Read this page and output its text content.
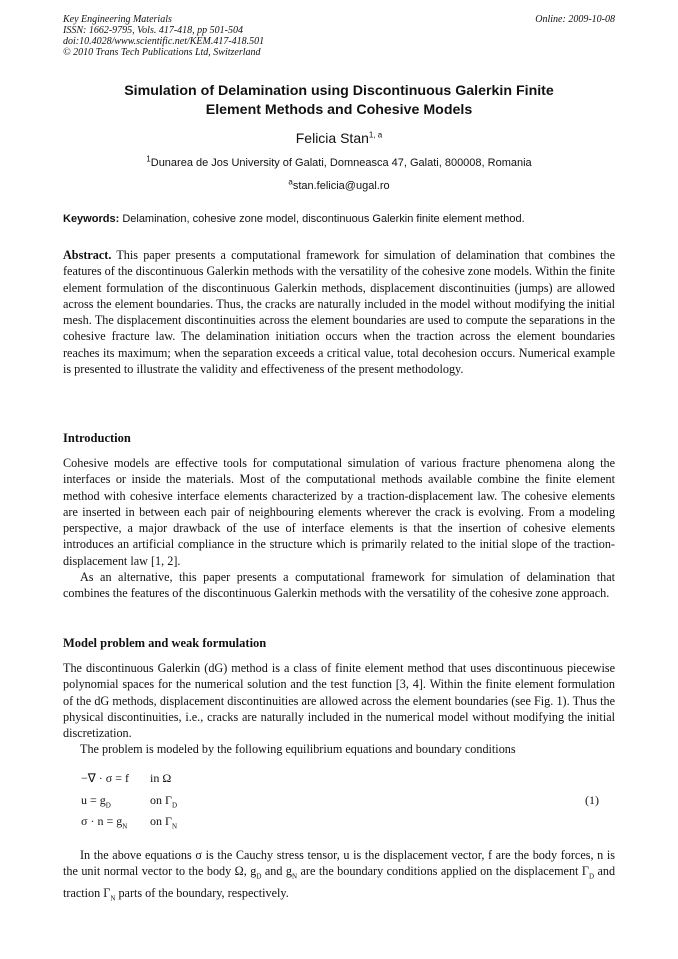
Key Engineering Materials
ISSN: 1662-9795, Vols. 417-418, pp 501-504
doi:10.4028/www.scientific.net/KEM.417-418.501
© 2010 Trans Tech Publications Ltd, Switzerland
Online: 2009-10-08
Simulation of Delamination using Discontinuous Galerkin Finite
Element Methods and Cohesive Models
Felicia Stan$^{1, a}$
$^1$Dunarea de Jos University of Galati, Domneasca 47, Galati, 800008, Romania
$^a$stan.felicia@ugal.ro
Keywords: Delamination, cohesive zone model, discontinuous Galerkin finite element method.
Abstract. This paper presents a computational framework for simulation of delamination that combines the features of the discontinuous Galerkin methods with the versatility of the cohesive zone models. Within the finite element formulation of the discontinuous Galerkin methods, displacement discontinuities (jumps) are allowed across the element boundaries. Thus, the cracks are naturally included in the model without modifying the initial mesh. The displacement discontinuities across the element boundaries are used to compute the separations in the cohesive fracture law. The delamination initiation occurs when the traction across the element boundaries reaches its maximum; when the separation exceeds a critical value, total decohesion occurs. Numerical example is presented to illustrate the validity and effectiveness of the present methodology.
Introduction
Cohesive models are effective tools for computational simulation of various fracture phenomena along the interfaces or inside the materials. Most of the computational methods available combine the finite element method with cohesive interface elements characterized by a traction-displacement law. The cohesive elements are inserted in between each pair of neighbouring elements wherever the crack is evolving. From a modeling perspective, a major drawback of the use of interface elements is that the insertion of cohesive elements introduces an artificial compliance in the structure which is primarily related to the initial slope of the traction-displacement law [1, 2].
As an alternative, this paper presents a computational framework for simulation of delamination that combines the features of the discontinuous Galerkin methods with the versatility of the cohesive zone approach.
Model problem and weak formulation
The discontinuous Galerkin (dG) method is a class of finite element method that uses discontinuous piecewise polynomial spaces for the numerical solution and the test function [3, 4]. Within the finite element formulation of the dG methods, displacement discontinuities are allowed across the element boundaries (see Fig. 1). Thus the physical discontinuities, i.e., cracks are naturally included in the numerical model without modifying the initial discretization.
The problem is modeled by the following equilibrium equations and boundary conditions
−∇ · σ = f in Ω
$u = g_D$	on $\Gamma_D$
$\sigma \cdot n = g_N$ on $\Gamma_N$
(1)
In the above equations σ is the Cauchy stress tensor, u is the displacement vector, f are the body forces, n is the unit normal vector to the body Ω, $g_D$ and $g_N$ are the boundary conditions applied on the displacement $\Gamma_D$ and traction $\Gamma_N$ parts of the boundary, respectively.
